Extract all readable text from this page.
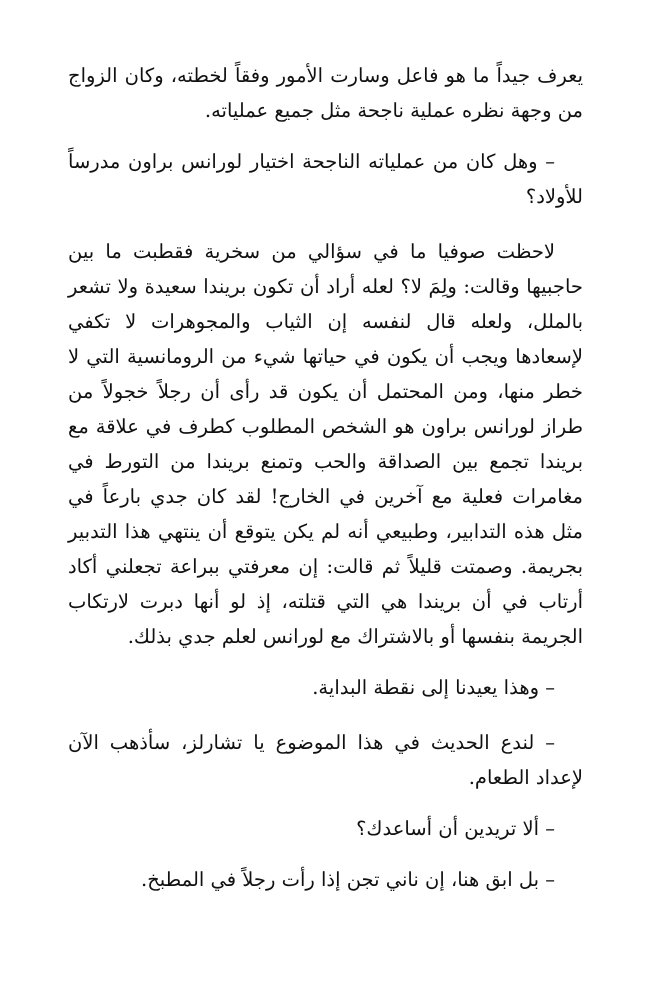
يعرف جيداً ما هو فاعل وسارت الأمور وفقاً لخطته، وكان الزواج من وجهة نظره عملية ناجحة مثل جميع عملياته.

– وهل كان من عملياته الناجحة اختيار لورانس براون مدرساً للأولاد؟

لاحظت صوفيا ما في سؤالي من سخرية فقطبت ما بين حاجبيها وقالت: ولِمَ لا؟ لعله أراد أن تكون بريندا سعيدة ولا تشعر بالملل، ولعله قال لنفسه إن الثياب والمجوهرات لا تكفي لإسعادها ويجب أن يكون في حياتها شيء من الرومانسية التي لا خطر منها، ومن المحتمل أن يكون قد رأى أن رجلاً خجولاً من طراز لورانس براون هو الشخص المطلوب كطرف في علاقة مع بريندا تجمع بين الصداقة والحب وتمنع بريندا من التورط في مغامرات فعلية مع آخرين في الخارج! لقد كان جدي بارعاً في مثل هذه التدابير، وطبيعي أنه لم يكن يتوقع أن ينتهي هذا التدبير بجريمة. وصمتت قليلاً ثم قالت: إن معرفتي ببراعة تجعلني أكاد أرتاب في أن بريندا هي التي قتلته، إذ لو أنها دبرت لارتكاب الجريمة بنفسها أو بالاشتراك مع لورانس لعلم جدي بذلك.

– وهذا يعيدنا إلى نقطة البداية.

– لندع الحديث في هذا الموضوع يا تشارلز، سأذهب الآن لإعداد الطعام.

– ألا تريدين أن أساعدك؟

– بل ابق هنا، إن ناني تجن إذا رأت رجلاً في المطبخ.
